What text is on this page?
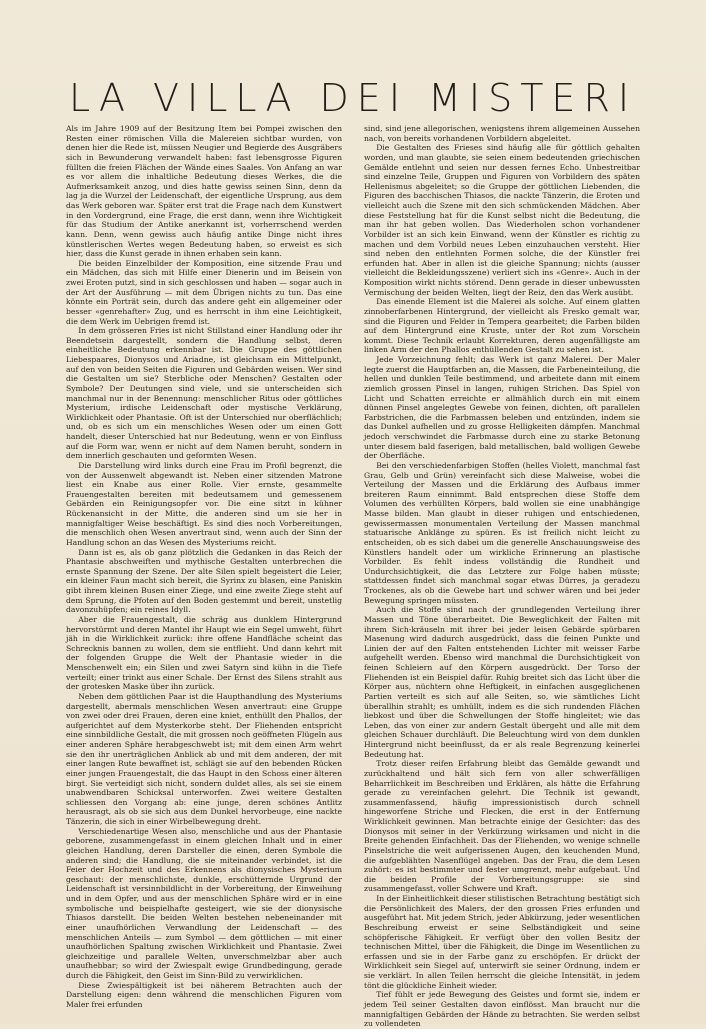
LA VILLA DEI MISTERI

Als im Jahre 1909 auf der Besitzung Item bei Pompei zwischen den Resten einer römischen Villa die Malereien sichtbar wurden, von denen hier die Rede ist, müssen Neugier und Begierde des Ausgräbers sich in Bewunderung verwandelt haben: fast lebensgrosse Figuren füllten die freien Flächen der Wände eines Saales. Von Anfang an war es vor allem die inhaltliche Bedeutung dieses Werkes, die die Aufmerksamkeit anzog, und dies hatte gewiss seinen Sinn, denn da lag ja die Wurzel der Leidenschaft, der eigentliche Ursprung, aus dem das Werk geboren war. Später erst trat die Frage nach dem Kunstwert in den Vordergrund, eine Frage, die erst dann, wenn ihre Wichtigkeit für das Studium der Antike anerkannt ist, vorherrschend werden kann. Denn, wenn gewiss auch häufig antike Dinge nicht ihres künstlerischen Wertes wegen Bedeutung haben, so erweist es sich hier, dass die Kunst gerade in ihnen erhaben sein kann.

Die beiden Einzelbilder der Komposition, eine sitzende Frau und ein Mädchen, das sich mit Hilfe einer Dienerin und im Beisein von zwei Eroten putzt, sind in sich geschlossen und haben — sogar auch in der Art der Ausführung — mit dem Übrigen nichts zu tun. Das eine könnte ein Porträt sein, durch das andere geht ein allgemeiner oder besser «genrehafter» Zug, und es herrscht in ihm eine Leichtigkeit, die dem Werk im Uebrigen fremd ist.

In dem grösseren Fries ist nicht Stillstand einer Handlung oder ihr Beendetsein dargestellt, sondern die Handlung selbst, deren einheitliche Bedeutung erkennbar ist. Die Gruppe des göttlichen Liebespaares, Dionysos und Ariadne, ist gleichsam ein Mittelpunkt, auf den von beiden Seiten die Figuren und Gebärden weisen. Wer sind die Gestalten um sie? Sterbliche oder Menschen? Gestalten oder Symbole? Der Deutungen sind viele, und sie unterscheiden sich manchmal nur in der Benennung: menschlicher Ritus oder göttliches Mysterium, irdische Leidenschaft oder mystische Verklärung, Wirklichkeit oder Phantasie. Oft ist der Unterschied nur oberflächlich; und, ob es sich um ein menschliches Wesen oder um einen Gott handelt, dieser Unterschied hat nur Bedeutung, wenn er von Einfluss auf die Form war, wenn er nicht auf dem Namen beruht, sondern in dem innerlich geschauten und geformten Wesen.

Die Darstellung wird links durch eine Frau im Profil begrenzt, die von der Aussenwelt abgewandt ist. Neben einer sitzenden Matrone liest ein Knabe aus einer Rolle. Vier ernste, gesammelte Frauengestalten bereiten mit bedeutsamem und gemessenem Gebärden ein Reinigungsopfer vor. Die eine sitzt in kühner Rückenansicht in der Mitte, die anderen sind um sie her in mannigfaltiger Weise beschäftigt. Es sind dies noch Vorbereitungen, die menschlich ohen Wesen anvertraut sind, wenn auch der Sinn der Handlung schon an das Wesen des Mysteriums reicht.

Dann ist es, als ob ganz plötzlich die Gedanken in das Reich der Phantasie abschweiften und mythische Gestalten unterbrechen die ernste Spannung der Szene. Der alte Silen spielt begeistert die Leier, ein kleiner Faun macht sich bereit, die Syrinx zu blasen, eine Paniskin gibt ihrem kleinen Busen einer Ziege, und eine zweite Ziege steht auf dem Sprung, die Pfoten auf den Boden gestemmt und bereit, unstetlig davonzuhüpfen; ein reines Idyll.

Aber die Frauengestalt, die schräg aus dunklem Hintergrund hervorstürmt und deren Mantel ihr Haupt wie ein Segel umweht, führt jäh in die Wirklichkeit zurück: ihre offene Handfläche scheint das Schrecknis bannen zu wollen, dem sie entflieht. Und dann kehrt mit der folgenden Gruppe die Welt der Phantasie wieder in die Menschenwelt ein; ein Silen und zwei Satyrn sind kühn in die Tiefe verteilt; einer trinkt aus einer Schale. Der Ernst des Silens strahlt aus der grotesken Maske über ihn zurück.

Neben dem göttlichen Paar ist die Haupthandlung des Mysteriums dargestellt, abermals menschlichen Wesen anvertraut: eine Gruppe von zwei oder drei Frauen, deren eine kniet, enthüllt den Phallos, der aufgerichtet auf dem Mysterkorbe steht. Der Fliehenden entspricht eine sinnbildliche Gestalt, die mit grossen noch geöffneten Flügeln aus einer anderen Sphäre herabgeschwebt ist; mit dem einen Arm wehrt sie den ihr unerträglichen Anblick ab und mit dem anderen, der mit einer langen Rute bewaffnet ist, schlägt sie auf den bebenden Rücken einer jungen Frauengestalt, die das Haupt in den Schoss einer älteren birgt. Sie verteidigt sich nicht, sondern duldet alles, als sei sie einem unabwendbaren Schicksal unterworfen. Zwei weitere Gestalten schliessen den Vorgang ab: eine junge, deren schönes Antlitz herausragt, als ob sie sich aus dem Dunkel hervorbeuge, eine nackte Tänzerin, die sich in einer Wirbelbewegung dreht.

Verschiedenartige Wesen also, menschliche und aus der Phantasie geborene, zusammengefasst in einem gleichen Inhalt und in einer gleichen Handlung, deren Darsteller die einen, deren Symbole die anderen sind; die Handlung, die sie miteinander verbindet, ist die Feier der Hochzeit und des Erkennens als dionysisches Mysterium geschaut: der menschlichste, dunkle, erschütternde Urgrund der Leidenschaft ist versinnbildlicht in der Vorbereitung, der Einweihung und in dem Opfer, und aus der menschlichen Sphäre wird er in eine symbolische und beispielhafte gesteigert, wie sie der dionysische Thiasos darstellt. Die beiden Welten bestehen nebeneinander mit einer unaufhörlichen Verwandlung der Leidenschaft — des menschlichen Anteils — zum Symbol — dem göttlichen — mit einer unaufhörlichen Spaltung zwischen Wirklichkeit und Phantasie. Zwei gleichzeitige und parallele Welten, unverschmelzbar aber auch unaufhebbar; so wird der Zwiespalt ewige Grundbedingung, gerade durch die Fähigkeit, den Geist im Sinn-Bild zu verwirklichen.

Diese Zwiespältigkeit ist bei näherem Betrachten auch der Darstellung eigen: denn während die menschlichen Figuren vom Maler frei erfunden

sind, sind jene allegorischen, wenigstens ihrem allgemeinen Aussehen nach, von bereits vorhandenen Vorbildern abgeleitet.

Die Gestalten des Frieses sind häufig alle für göttlich gehalten worden, und man glaubte, sie seien einem bedeutenden griechischen Gemälde entlehnt und seien nur dessen fernes Echo. Unbestreitbar sind einzelne Teile, Gruppen und Figuren von Vorbildern des späten Hellenismus abgeleitet; so die Gruppe der göttlichen Liebenden, die Figuren des bacchischen Thiasos, die nackte Tänzerin, die Eroten und vielleicht auch die Szene mit den sich schmückenden Mädchen. Aber diese Feststellung hat für die Kunst selbst nicht die Bedeutung, die man ihr hat geben wollen. Das Wiederholen schon vorhandener Vorbilder ist an sich kein Einwand, wenn der Künstler es richtig zu machen und dem Vorbild neues Leben einzuhauchen versteht. Hier sind neben den entlehnten Formen solche, die der Künstler frei erfunden hat. Aber in allen ist die gleiche Spannung; nichts (ausser vielleicht die Bekleidungsszene) verliert sich ins «Genre». Auch in der Komposition wirkt nichts störend. Denn gerade in dieser unbewussten Vermischung der beiden Welten, liegt der Reiz, den das Werk ausübt.

Das einende Element ist die Malerei als solche. Auf einem glatten zinnoberfarbenen Hintergrund, der vielleicht als Fresko gemalt war, sind die Figuren und Felder in Tempera gearbeitet; die Farben bilden auf dem Hintergrund eine Kruste, unter der Rot zum Vorschein kommt. Diese Technik erlaubt Korrekturen, deren augenfälligste am linken Arm der den Phallos enthüllenden Gestalt zu sehen ist.

Jede Vorzeichnung fehlt; das Werk ist ganz Malerei. Der Maler legte zuerst die Hauptfarben an, die Massen, die Farbeneinteilung, die hellen und dunklen Teile bestimmend, und arbeitete dann mit einem ziemlich grossen Pinsel in langen, ruhigen Strichen. Das Spiel von Licht und Schatten erreichte er allmählich durch ein mit einem dünnen Pinsel angelegtes Gewebe von feinen, dichten, oft parallelen Farbstrichen, die die Farbmassen beleben und entzünden, indem sie das Dunkel aufhellen und zu grosse Helligkeiten dämpfen. Manchmal jedoch verschwindet die Farbmasse durch eine zu starke Betonung unter diesem bald faserigen, bald metallischen, bald wolligen Gewebe der Oberfläche.

Bei den verschiedenfarbigen Stoffen (helles Violett, manchmal fast Grau, Gelb und Grün) vereinfacht sich diese Malweise, wobei die Verteilung der Massen und die Erklärung des Aufbaus immer breiteren Raum einnimmt. Bald entsprechen diese Stoffe dem Volumen des verhüllten Körpers, bald wollen sie eine unabhängige Masse bilden. Man glaubt in dieser ruhigen und entschiedenen, gewissermassen monumentalen Verteilung der Massen manchmal statuarische Anklänge zu spüren. Es ist freilich nicht leicht zu entscheiden, ob es sich dabei um die generelle Anschauungsweise des Künstlers handelt oder um wirkliche Erinnerung an plastische Vorbilder. Es fehlt indess vollständig die Rundheit und Undurchsichtigkeit, die das Letztere zur Folge haben müsste; stattdessen findet sich manchmal sogar etwas Dürres, ja geradezu Trockenes, als ob die Gewebe hart und schwer wären und bei jeder Bewegung springen müssten.

Auch die Stoffe sind nach der grundlegenden Verteilung ihrer Massen und Töne überarbeitet. Die Beweglichkeit der Falten mit ihrem Sich-kräuseln mit ihrer bei jeder leisen Gebärde spürbaren Masenung wird dadurch ausgedrückt, dass die feinen Punkte und Linien der auf den Falten entstehenden Lichter mit weisser Farbe aufgehellt werden. Ebenso wird manchmal die Durchsichtigkeit von feinen Schleiern auf den Körpern ausgedrückt. Der Torso der Fliehenden ist ein Beispiel dafür. Ruhig breitet sich das Licht über die Körper aus, nüchtern ohne Heftigkeit, in einfachen ausgeglichenen Partien verteilt es sich auf alle Seiten, so, wie sämtliches Licht überallhin strahlt; es umhüllt, indem es die sich rundenden Flächen liebkost und über die Schwellungen der Stoffe hingleitet; wie das Leben, das von einer zur andern Gestalt übergeht und alle mit dem gleichen Schauer durchläuft. Die Beleuchtung wird von dem dunklen Hintergrund nicht beeinflusst, da er als reale Begrenzung keinerlei Bedeutung hat.

Trotz dieser reifen Erfahrung bleibt das Gemälde gewandt und zurückhaltend und hält sich fern von aller schwerfälligen Beharrlichkeit im Beschreiben und Erklären, als hätte die Erfahrung gerade zu vereinfachen gelehrt. Die Technik ist gewandt, zusammenfassend, häufig impressionistisch durch schnell hingeworfene Striche und Flecken, die erst in der Entfernung Wirklichkeit gewinnen. Man betrachte einige der Gesichter: das des Dionysos mit seiner in der Verkürzung wirksamen und nicht in die Breite gehenden Einfachheit. Das der Fliehenden, wo wenige schnelle Pinselstriche die weit aufgerissenen Augen, den keuchenden Mund, die aufgeblähten Nasenflügel angeben. Das der Frau, die dem Lesen zuhört: es ist bestimmter und fester umgrenzt, mehr aufgebaut. Und die beiden Profile der Vorbereitungsgruppe: sie sind zusammengefasst, voller Schwere und Kraft.

In der Einheitlichkeit dieser stilistischen Betrachtung bestätigt sich die Persönlichkeit des Malers, der den grossen Fries erfunden und ausgeführt hat. Mit jedem Strich, jeder Abkürzung, jeder wesentlichen Beschreibung erweist er seine Selbständigkeit und seine schöpferische Fähigkeit. Er verfügt über den vollen Besitz der technischen Mittel, über die Fähigkeit, die Dinge im Wesentlichen zu erfassen und sie in der Farbe ganz zu erschöpfen. Er drückt der Wirklichkeit sein Siegel auf, unterwirft sie seiner Ordnung, indem er sie verklärt. In allen Teilen herrscht die gleiche Intensität, in jedem tönt die glückliche Einheit wieder.

Tief fühlt er jede Bewegung des Geistes und formt sie, indem er jedem Teil seiner Gestalten davon einflösst. Man braucht nur die mannigfaltigen Gebärden der Hände zu betrachten. Sie werden selbst zu vollendeten
